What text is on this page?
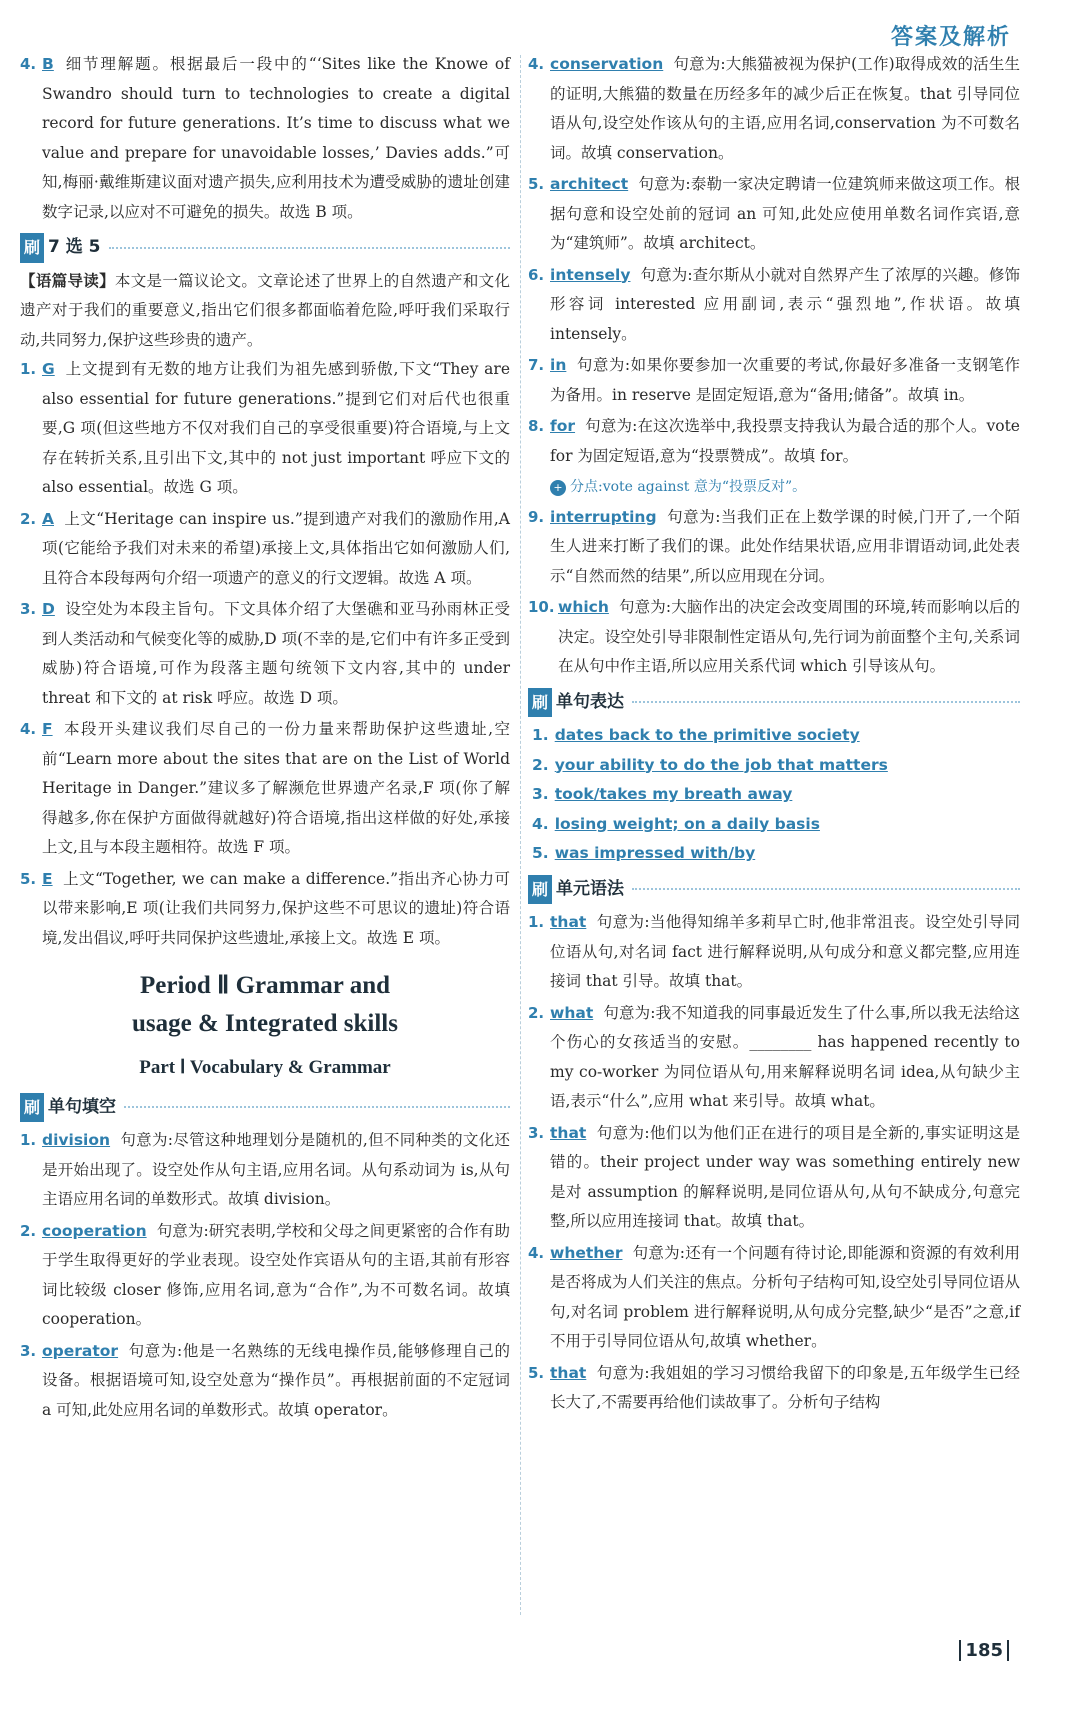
答案及解析
4. B 细节理解题。根据最后一段中的“‘Sites like the Knowe of Swandro should turn to technologies to create a digital record for future generations. It’s time to discuss what we value and prepare for unavoidable losses,’ Davies adds.”可知,梅丽·戴维斯建议面对遗产损失,应利用技术为遭受威胁的遗址创建数字记录,以应对不可避免的损失。故选 B 项。
刷 7 选 5
【语篇导读】本文是一篇议论文。文章论述了世界上的自然遗产和文化遗产对于我们的重要意义,指出它们很多都面临着危险,呼吁我们采取行动,共同努力,保护这些珍贵的遗产。
1. G 上文提到有无数的地方让我们为祖先感到骄傲,下文“They are also essential for future generations.”提到它们对后代也很重要,G 项(但这些地方不仅对我们自己的享受很重要)符合语境,与上文存在转折关系,且引出下文,其中的 not just important 呼应下文的 also essential。故选 G 项。
2. A 上文“Heritage can inspire us.”提到遗产对我们的激励作用,A 项(它能给予我们对未来的希望)承接上文,具体指出它如何激励人们,且符合本段每两句介绍一项遗产的意义的行文逻辑。故选 A 项。
3. D 设空处为本段主旨句。下文具体介绍了大堡礁和亚马孙雨林正受到人类活动和气候变化等的威胁,D 项(不幸的是,它们中有许多正受到威胁)符合语境,可作为段落主题句统领下文内容,其中的 under threat 和下文的 at risk 呼应。故选 D 项。
4. F 本段开头建议我们尽自己的一份力量来帮助保护这些遗址,空前“Learn more about the sites that are on the List of World Heritage in Danger.”建议多了解濒危世界遗产名录,F 项(你了解得越多,你在保护方面做得就越好)符合语境,指出这样做的好处,承接上文,且与本段主题相符。故选 F 项。
5. E 上文“Together, we can make a difference.”指出齐心协力可以带来影响,E 项(让我们共同努力,保护这些不可思议的遗址)符合语境,发出倡议,呼吁共同保护这些遗址,承接上文。故选 E 项。
Period Ⅱ Grammar and
usage & Integrated skills
Part Ⅰ Vocabulary & Grammar
刷 单句填空
1. division 句意为:尽管这种地理划分是随机的,但不同种类的文化还是开始出现了。设空处作从句主语,应用名词。从句系动词为 is,从句主语应用名词的单数形式。故填 division。
2. cooperation 句意为:研究表明,学校和父母之间更紧密的合作有助于学生取得更好的学业表现。设空处作宾语从句的主语,其前有形容词比较级 closer 修饰,应用名词,意为“合作”,为不可数名词。故填 cooperation。
3. operator 句意为:他是一名熟练的无线电操作员,能够修理自己的设备。根据语境可知,设空处意为“操作员”。再根据前面的不定冠词 a 可知,此处应用名词的单数形式。故填 operator。
4. conservation 句意为:大熊猫被视为保护(工作)取得成效的活生生的证明,大熊猫的数量在历经多年的减少后正在恢复。that 引导同位语从句,设空处作该从句的主语,应用名词,conservation 为不可数名词。故填 conservation。
5. architect 句意为:泰勒一家决定聘请一位建筑师来做这项工作。根据句意和设空处前的冠词 an 可知,此处应使用单数名词作宾语,意为“建筑师”。故填 architect。
6. intensely 句意为:查尔斯从小就对自然界产生了浓厚的兴趣。修饰形容词 interested 应用副词,表示“强烈地”,作状语。故填 intensely。
7. in 句意为:如果你要参加一次重要的考试,你最好多准备一支钢笔作为备用。in reserve 是固定短语,意为“备用;储备”。故填 in。
8. for 句意为:在这次选举中,我投票支持我认为最合适的那个人。vote for 为固定短语,意为“投票赞成”。故填 for。
+ 分点: vote against 意为“投票反对”。
9. interrupting 句意为:当我们正在上数学课的时候,门开了,一个陌生人进来打断了我们的课。此处作结果状语,应用非谓语动词,此处表示“自然而然的结果”,所以应用现在分词。
10. which 句意为:大脑作出的决定会改变周围的环境,转而影响以后的决定。设空处引导非限制性定语从句,先行词为前面整个主句,关系词在从句中作主语,所以应用关系代词 which 引导该从句。
刷 单句表达
1. dates back to the primitive society
2. your ability to do the job that matters
3. took/takes my breath away
4. losing weight; on a daily basis
5. was impressed with/by
刷 单元语法
1. that 句意为:当他得知绵羊多莉早亡时,他非常沮丧。设空处引导同位语从句,对名词 fact 进行解释说明,从句成分和意义都完整,应用连接词 that 引导。故填 that。
2. what 句意为:我不知道我的同事最近发生了什么事,所以我无法给这个伤心的女孩适当的安慰。________ has happened recently to my co-worker 为同位语从句,用来解释说明名词 idea,从句缺少主语,表示“什么”,应用 what 来引导。故填 what。
3. that 句意为:他们以为他们正在进行的项目是全新的,事实证明这是错的。their project under way was something entirely new 是对 assumption 的解释说明,是同位语从句,从句不缺成分,句意完整,所以应用连接词 that。故填 that。
4. whether 句意为:还有一个问题有待讨论,即能源和资源的有效利用是否将成为人们关注的焦点。分析句子结构可知,设空处引导同位语从句,对名词 problem 进行解释说明,从句成分完整,缺少“是否”之意,if 不用于引导同位语从句,故填 whether。
5. that 句意为:我姐姐的学习习惯给我留下的印象是,五年级学生已经长大了,不需要再给他们读故事了。分析句子结构
185
